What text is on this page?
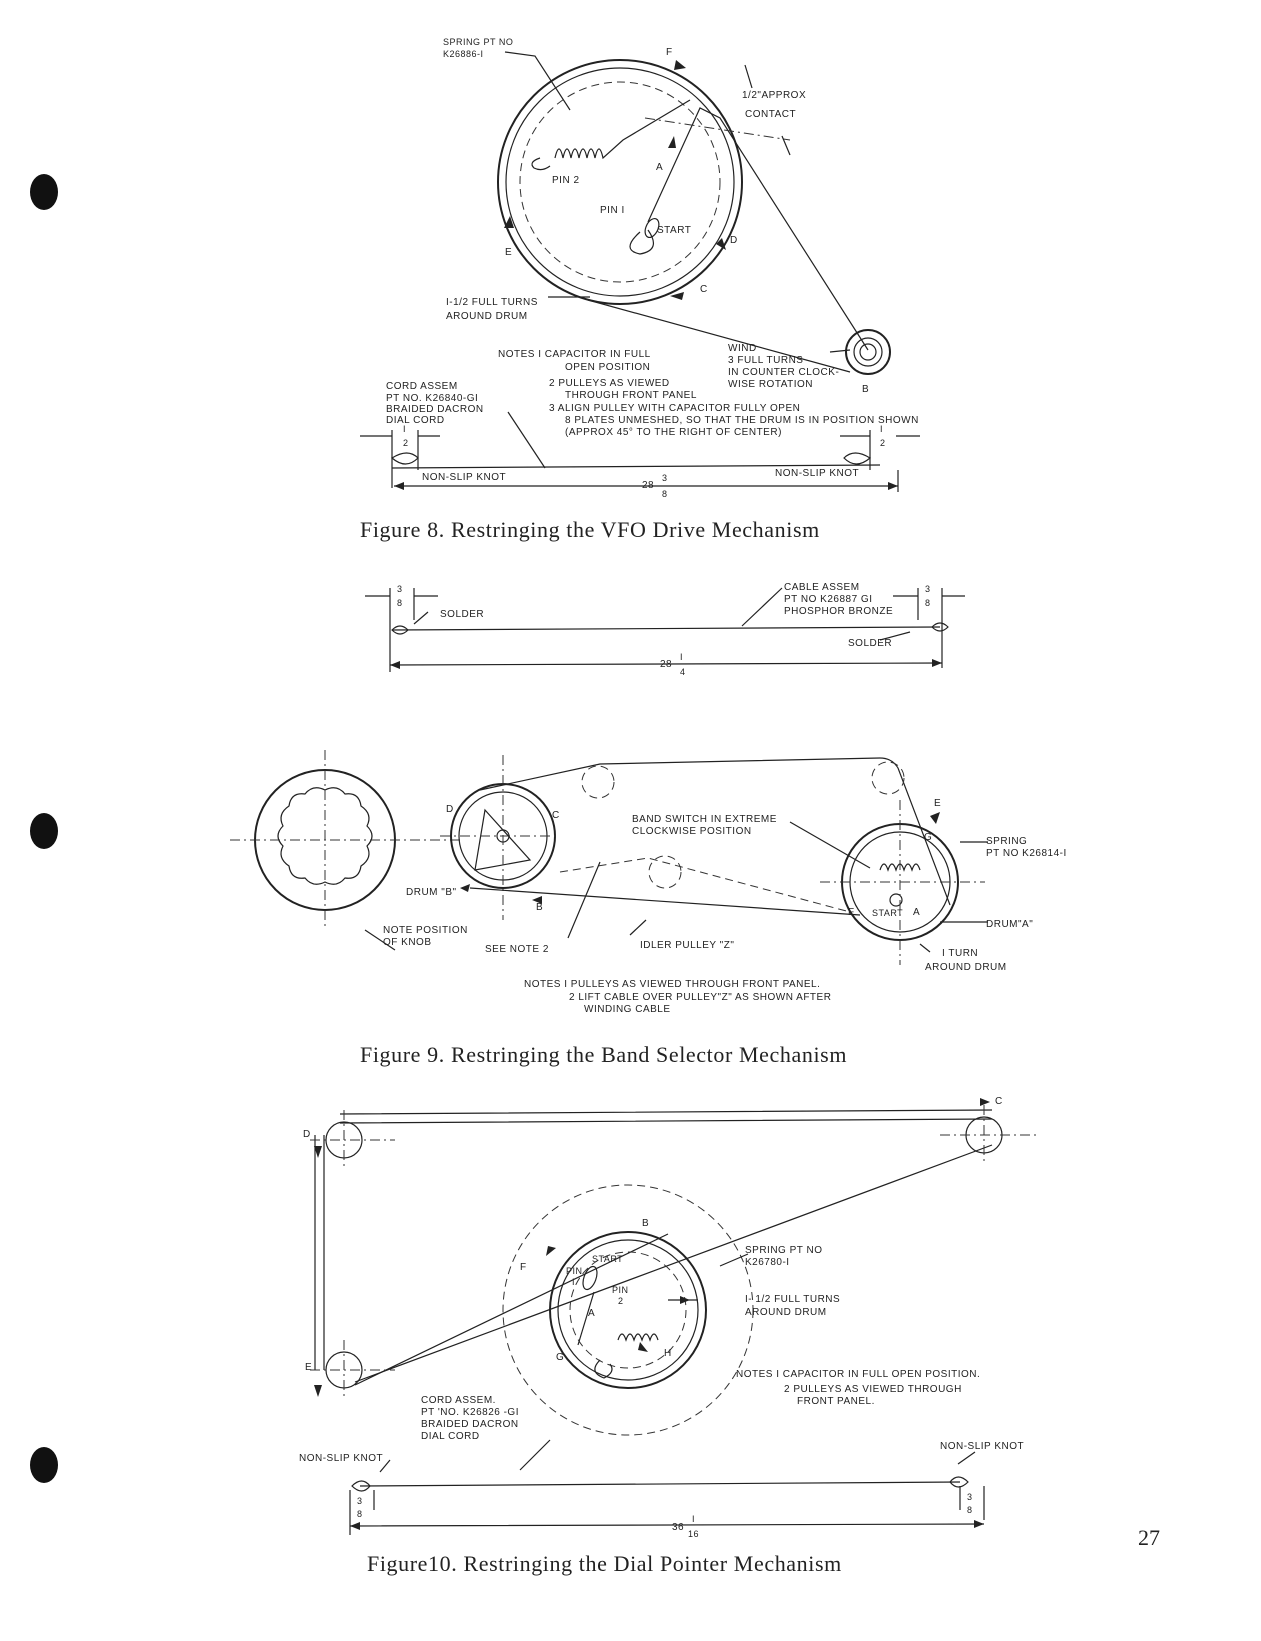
SPRING PT NO
K26886-I	F
1/2"APPROX
CONTACT
PIN 2
PIN I
START
A
E
D
C
B
I-1/2 FULL TURNS
AROUND DRUM
NOTES I CAPACITOR IN FULL
OPEN POSITION
2 PULLEYS AS VIEWED
THROUGH FRONT PANEL
3 ALIGN PULLEY WITH CAPACITOR FULLY OPEN
8 PLATES UNMESHED, SO THAT THE DRUM IS IN POSITION SHOWN
(APPROX 45° TO THE RIGHT OF CENTER)
WIND
3 FULL TURNS
IN COUNTER CLOCK-
WISE ROTATION
CORD ASSEM
PT NO. K26840-GI
BRAIDED DACRON
DIAL CORD
NON-SLIP KNOT	NON-SLIP KNOT
28
3
8
I
2
I
2
Figure 8. Restringing the VFO Drive Mechanism
3
8
3
8
SOLDER
SOLDER
CABLE ASSEM
PT NO K26887 GI
PHOSPHOR BRONZE
28
I
4
BAND SWITCH IN EXTREME
CLOCKWISE POSITION
SPRING
PT NO K26814-I
DRUM "B"
DRUM"A"
NOTE POSITION
OF KNOB
SEE NOTE 2	IDLER PULLEY "Z"
I TURN
AROUND DRUM
START
D
C
B
E
G
F	A
NOTES I PULLEYS AS VIEWED THROUGH FRONT PANEL.
2 LIFT CABLE OVER PULLEY"Z" AS SHOWN AFTER
WINDING CABLE
Figure 9. Restringing the Band Selector Mechanism
SPRING PT NO
K26780-I
I- 1/2 FULL TURNS
AROUND DRUM
NOTES I CAPACITOR IN FULL OPEN POSITION.
2 PULLEYS AS VIEWED THROUGH
FRONT PANEL.
CORD ASSEM.
PT 'NO. K26826 -GI
BRAIDED DACRON
DIAL CORD
NON-SLIP KNOT
NON-SLIP KNOT
PIN
I
PIN
2
START
D
C
E
B
F
A
G	H
3
8
3
8
36
I
16
Figure10. Restringing the Dial Pointer Mechanism
27
